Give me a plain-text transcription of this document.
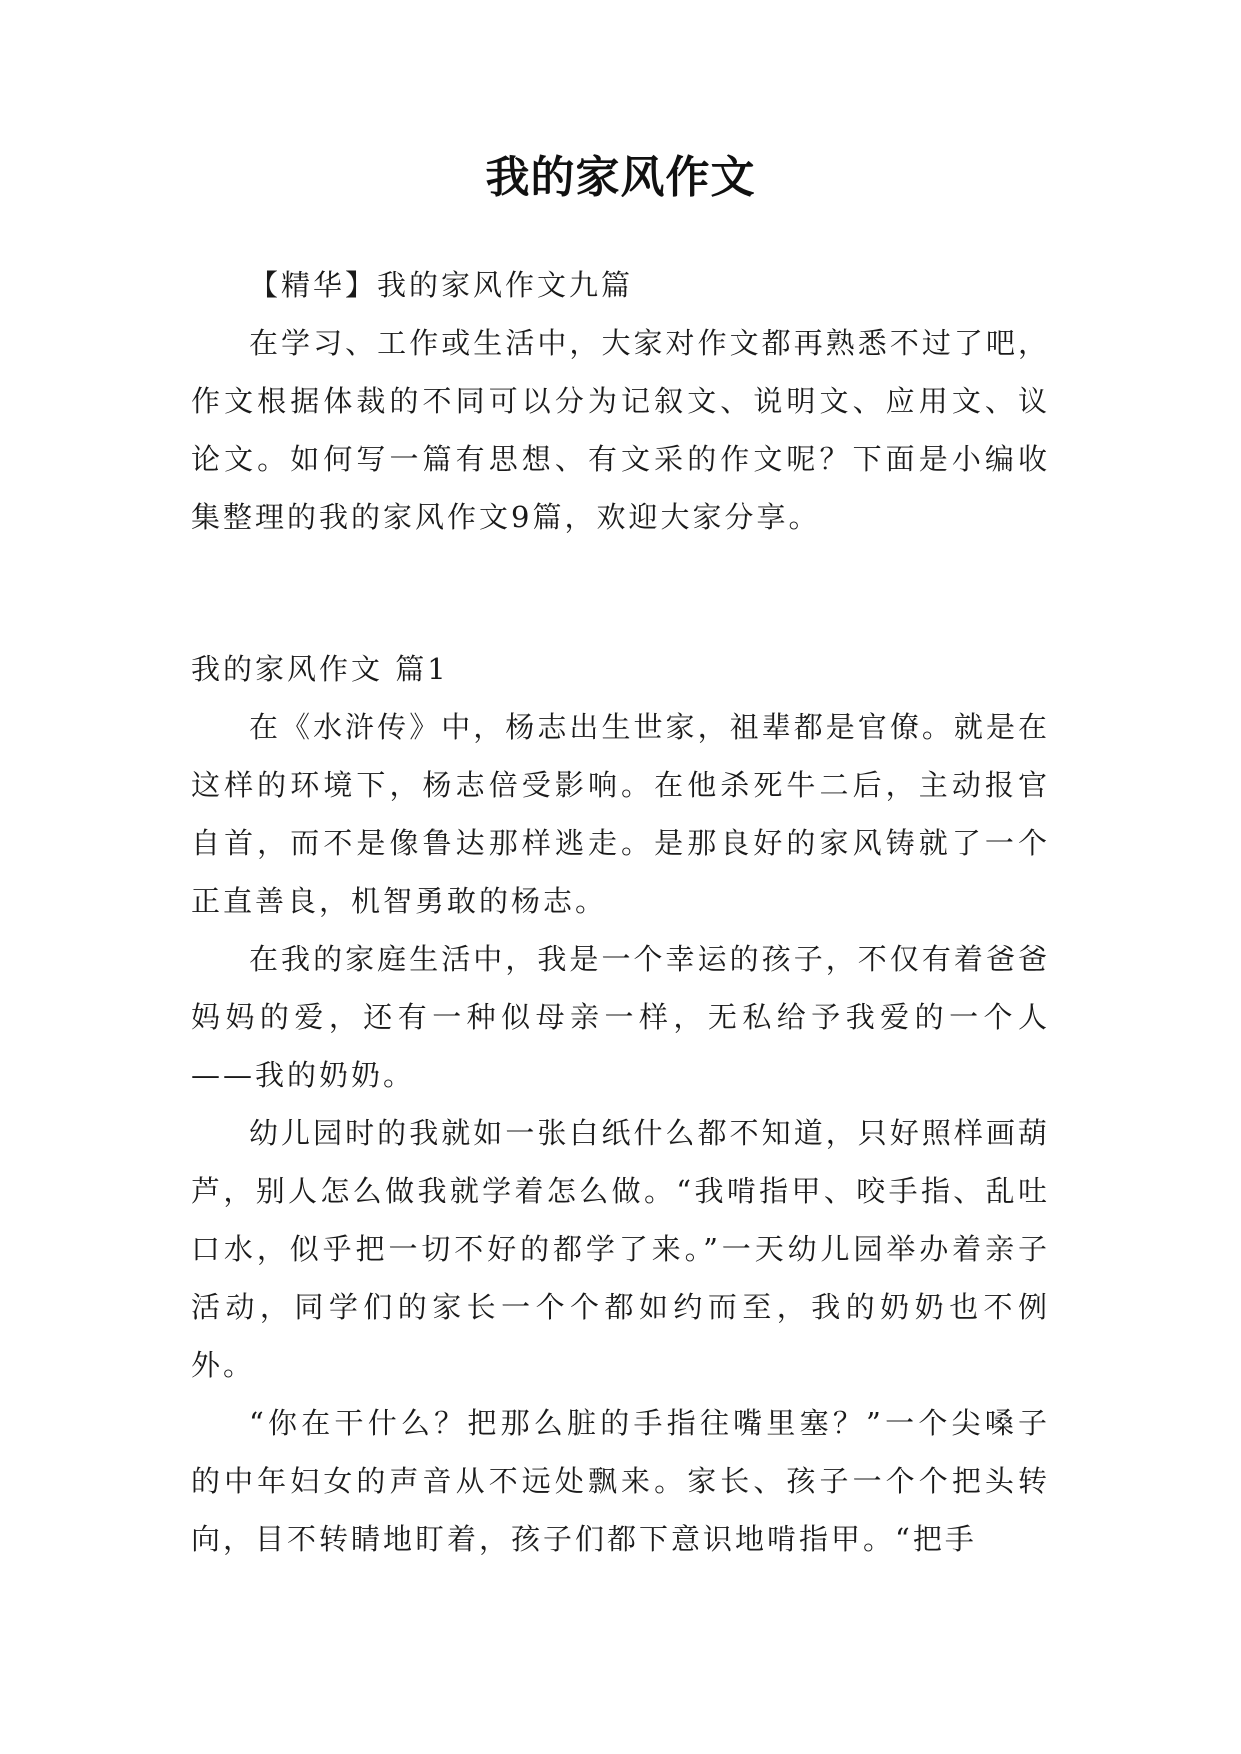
我的家风作文

【精华】我的家风作文九篇

在学习、工作或生活中，大家对作文都再熟悉不过了吧，作文根据体裁的不同可以分为记叙文、说明文、应用文、议论文。如何写一篇有思想、有文采的作文呢？下面是小编收集整理的我的家风作文9篇，欢迎大家分享。

我的家风作文 篇1

在《水浒传》中，杨志出生世家，祖辈都是官僚。就是在这样的环境下，杨志倍受影响。在他杀死牛二后，主动报官自首，而不是像鲁达那样逃走。是那良好的家风铸就了一个正直善良，机智勇敢的杨志。

在我的家庭生活中，我是一个幸运的孩子，不仅有着爸爸妈妈的爱，还有一种似母亲一样，无私给予我爱的一个人——我的奶奶。

幼儿园时的我就如一张白纸什么都不知道，只好照样画葫芦，别人怎么做我就学着怎么做。“我啃指甲、咬手指、乱吐口水，似乎把一切不好的都学了来。”一天幼儿园举办着亲子活动，同学们的家长一个个都如约而至，我的奶奶也不例外。

“你在干什么？把那么脏的手指往嘴里塞？”一个尖嗓子的中年妇女的声音从不远处飘来。家长、孩子一个个把头转向，目不转睛地盯着，孩子们都下意识地啃指甲。“把手
